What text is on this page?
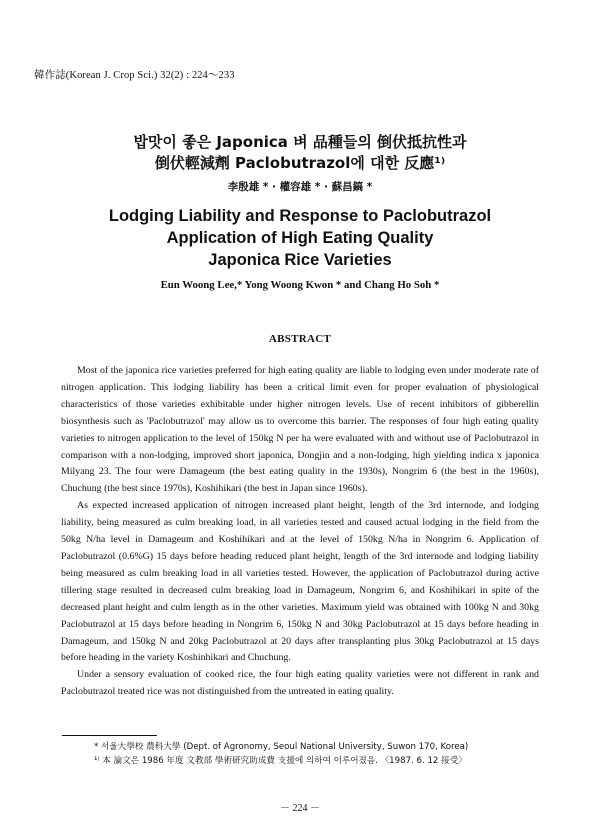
韓作誌(Korean J. Crop Sci.) 32(2) : 224～233
밥맛이 좋은 Japonica 벼 品種들의 倒伏抵抗性과
倒伏輕減劑 Paclobutrazol에 대한 反應¹⁾
李殷雄 * · 權容雄 * · 蘇昌鎬 *
Lodging Liability and Response to Paclobutrazol
Application of High Eating Quality
Japonica Rice Varieties
Eun Woong Lee,* Yong Woong Kwon * and Chang Ho Soh *
ABSTRACT

Most of the japonica rice varieties preferred for high eating quality are liable to lodging even under moderate rate of nitrogen application. This lodging liability has been a critical limit even for proper evaluation of physiological characteristics of those varieties exhibitable under higher nitrogen levels. Use of recent inhibitors of gibberellin biosynthesis such as 'Paclobutrazol' may allow us to overcome this barrier. The responses of four high eating quality varieties to nitrogen application to the level of 150kg N per ha were evaluated with and without use of Paclobutrazol in comparison with a non-lodging, improved short japonica, Dongjin and a non-lodging, high yielding indica x japonica Milyang 23. The four were Damageum (the best eating quality in the 1930s), Nongrim 6 (the best in the 1960s), Chuchung (the best since 1970s), Koshihikari (the best in Japan since 1960s).

As expected increased application of nitrogen increased plant height, length of the 3rd internode, and lodging liability, being measured as culm breaking load, in all varieties tested and caused actual lodging in the field from the 50kg N/ha level in Damageum and Koshihikari and at the level of 150kg N/ha in Nongrim 6. Application of Paclobutrazol (0.6%G) 15 days before heading reduced plant height, length of the 3rd internode and lodging liability being measured as culm breaking load in all varieties tested. However, the application of Paclobutrazol during active tillering stage resulted in decreased culm breaking load in Damageum, Nongrim 6, and Koshihikari in spite of the decreased plant height and culm length as in the other varieties. Maximum yield was obtained with 100kg N and 30kg Paclobutrazol at 15 days before heading in Nongrim 6, 150kg N and 30kg Paclobutrazol at 15 days before heading in Damageum, and 150kg N and 20kg Paclobutrazol at 20 days after transplanting plus 30kg Paclobutrazol at 15 days before heading in the variety Koshinhikari and Chuchung.

Under a sensory evaluation of cooked rice, the four high eating quality varieties were not different in rank and Paclobutrazol treated rice was not distinguished from the untreated in eating quality.

* 서울大學校 農科大學 (Dept. of Agronomy, Seoul National University, Suwon 170, Korea)
¹⁾ 本 論文은 1986 年度 文教部 學術研究助成費 支援에 의하여 이루어졌음. 〈1987. 6. 12 接受〉
－ 224 －
